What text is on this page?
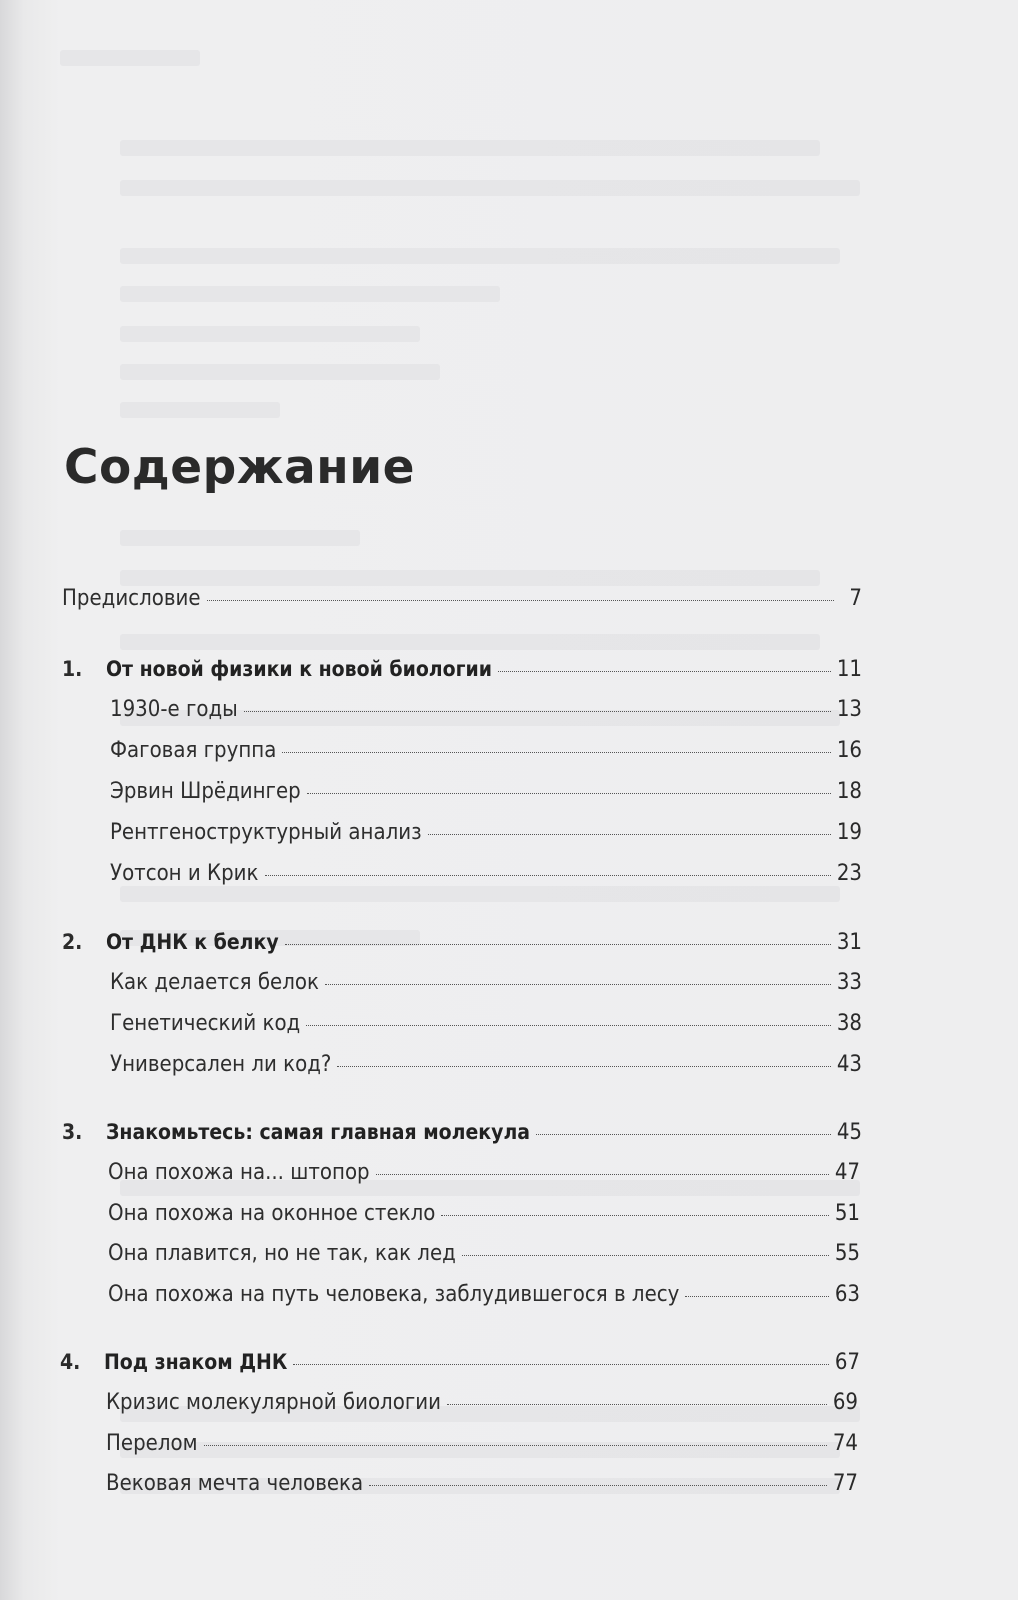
Содержание
Предисловие	7
1.	От новой физики к новой биологии	11
1930-е годы	13
Фаговая группа	16
Эрвин Шрёдингер	18
Рентгеноструктурный анализ	19
Уотсон и Крик	23
2.	От ДНК к белку	31
Как делается белок	33
Генетический код	38
Универсален ли код?	43
3.	Знакомьтесь: самая главная молекула	45
Она похожа на... штопор	47
Она похожа на оконное стекло	51
Она плавится, но не так, как лед	55
Она похожа на путь человека, заблудившегося в лесу	63
4.	Под знаком ДНК	67
Кризис молекулярной биологии	69
Перелом	74
Вековая мечта человека	77
